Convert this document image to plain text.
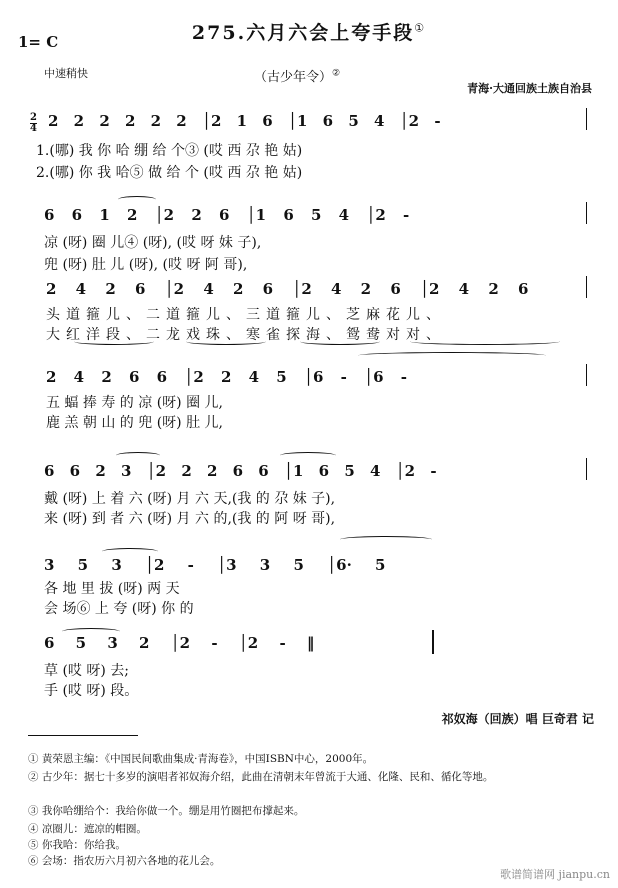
275.六月六会上夸手段①
1= C
中速稍快	（古少年令）②
青海·大通回族土族自治县
2
4 2 2 2 2 2 2 │2 1 6 │1 6 5 4 │2 -
1.(哪) 我 你 哈 绷 给 个③ (哎 西 尕 艳 姑)
2.(哪) 你 我 哈⑤ 做 给 个 (哎 西 尕 艳 姑)
6 6 1 2 │2 2 6 │1 6 5 4 │2 -
凉 (呀) 圈 儿④ (呀), (哎 呀 妹 子),
兜 (呀) 肚 儿 (呀), (哎 呀 阿 哥),
2 4 2 6 │2 4 2 6 │2 4 2 6 │2 4 2 6
头道箍儿、二道箍儿、三道箍儿、芝麻花儿、
大红洋段、二龙戏珠、寒雀探海、鸳鸯对对、
2 4 2 6 6 │2 2 4 5 │6 - │6 -
五 蝠 捧 寿 的 凉 (呀) 圈 儿,
鹿 羔 朝 山 的 兜 (呀) 肚 儿,
6 6 2 3 │2 2 2 6 6 │1 6 5 4 │2 -
戴 (呀) 上 着 六 (呀) 月 六 天,(我 的 尕 妹 子),
来 (呀) 到 者 六 (呀) 月 六 的,(我 的 阿 呀 哥),
3 5 3 │2 - │3 3 5 │6· 5
各 地 里 拔 (呀) 两 天
会 场⑥ 上 夸 (呀) 你 的
6 5 3 2 │2 - │2 - ‖
草 (哎 呀) 去;
手 (哎 呀) 段。
祁奴海（回族）唱 巨奇君 记
① 黄荣恩主编：《中国民间歌曲集成·青海卷》，中国ISBN中心，2000年。
② 古少年：据七十多岁的演唱者祁奴海介绍，此曲在清朝末年曾流于大通、化隆、民和、循化等地。
③ 我你哈绷给个：我给你做一个。绷是用竹圈把布撑起来。
④ 凉圈儿：遮凉的帽圈。
⑤ 你我哈：你给我。
⑥ 会场：指农历六月初六各地的花儿会。
歌谱简谱网 jianpu.cn
